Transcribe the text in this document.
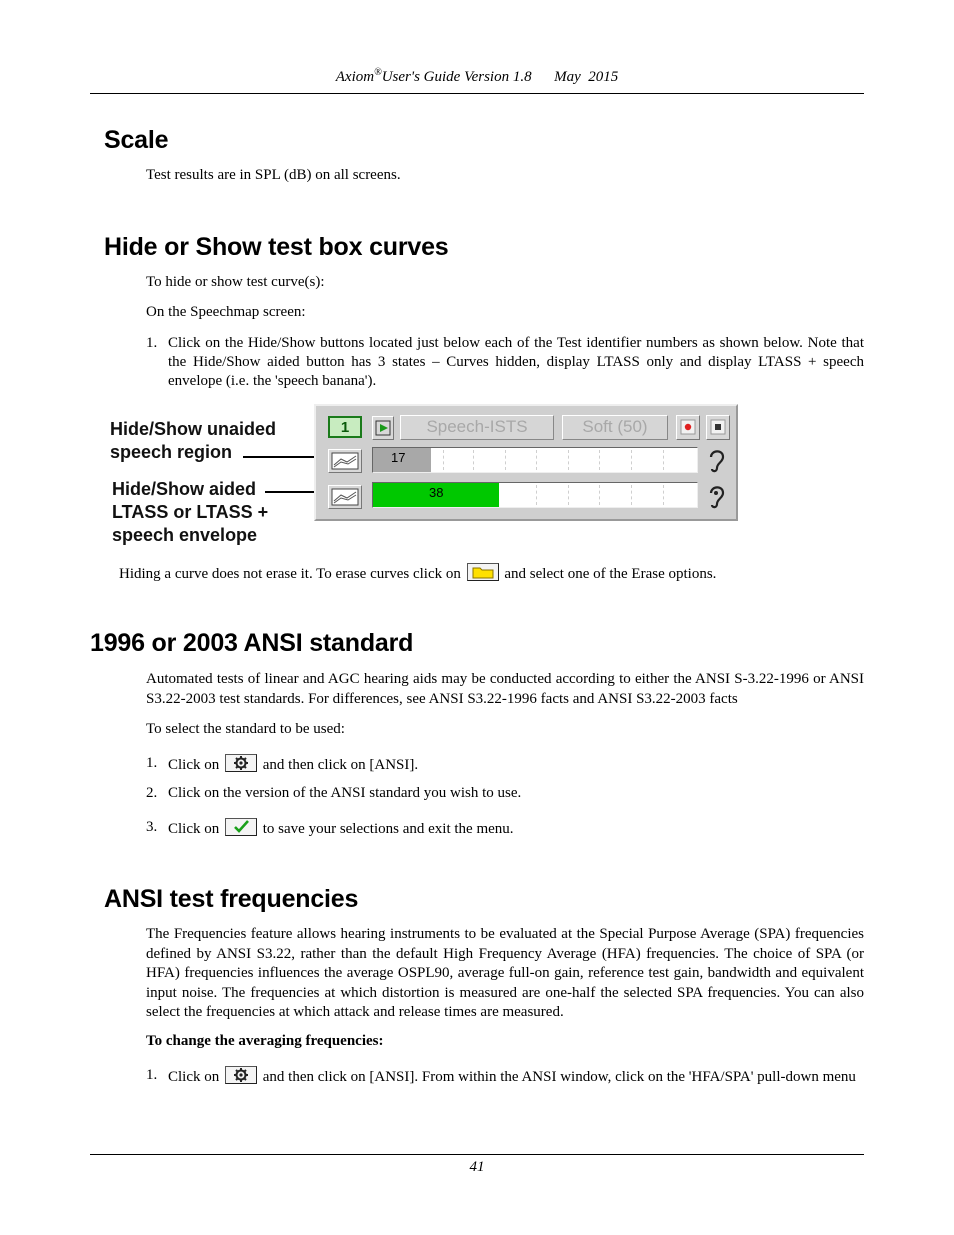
Axiom®User's Guide Version 1.8      May  2015
Scale
Test results are in SPL (dB) on all screens.
Hide or Show test box curves
To hide or show test curve(s):
On the Speechmap screen:
1. Click on the Hide/Show buttons located just below each of the Test identifier numbers as shown below. Note that the Hide/Show aided button has 3 states – Curves hidden, display LTASS only and display LTASS + speech envelope (i.e. the 'speech banana').
Hide/Show unaided
speech region
Hide/Show aided
LTASS or LTASS +
speech envelope
1	Speech-ISTS	Soft (50)
17
38
Hiding a curve does not erase it. To erase curves click on	and select one of the Erase options.
1996 or 2003 ANSI standard
Automated tests of linear and AGC hearing aids may be conducted according to either the ANSI S-3.22-1996 or ANSI S3.22-2003 test standards. For differences, see ANSI S3.22-1996 facts and ANSI S3.22-2003 facts
To select the standard to be used:
1. Click on	and then click on [ANSI].
2. Click on the version of the ANSI standard you wish to use.
3. Click on	to save your selections and exit the menu.
ANSI test frequencies
The Frequencies feature allows hearing instruments to be evaluated at the Special Purpose Average (SPA) frequencies defined by ANSI S3.22, rather than the default High Frequency Average (HFA) frequencies. The choice of SPA (or HFA) frequencies influences the average OSPL90, average full-on gain, reference test gain, bandwidth and equivalent input noise. The frequencies at which distortion is measured are one-half the selected SPA frequencies. You can also select the frequencies at which attack and release times are measured.
To change the averaging frequencies:
1. Click on	and then click on [ANSI]. From within the ANSI window, click on the 'HFA/SPA' pull-down menu
41
